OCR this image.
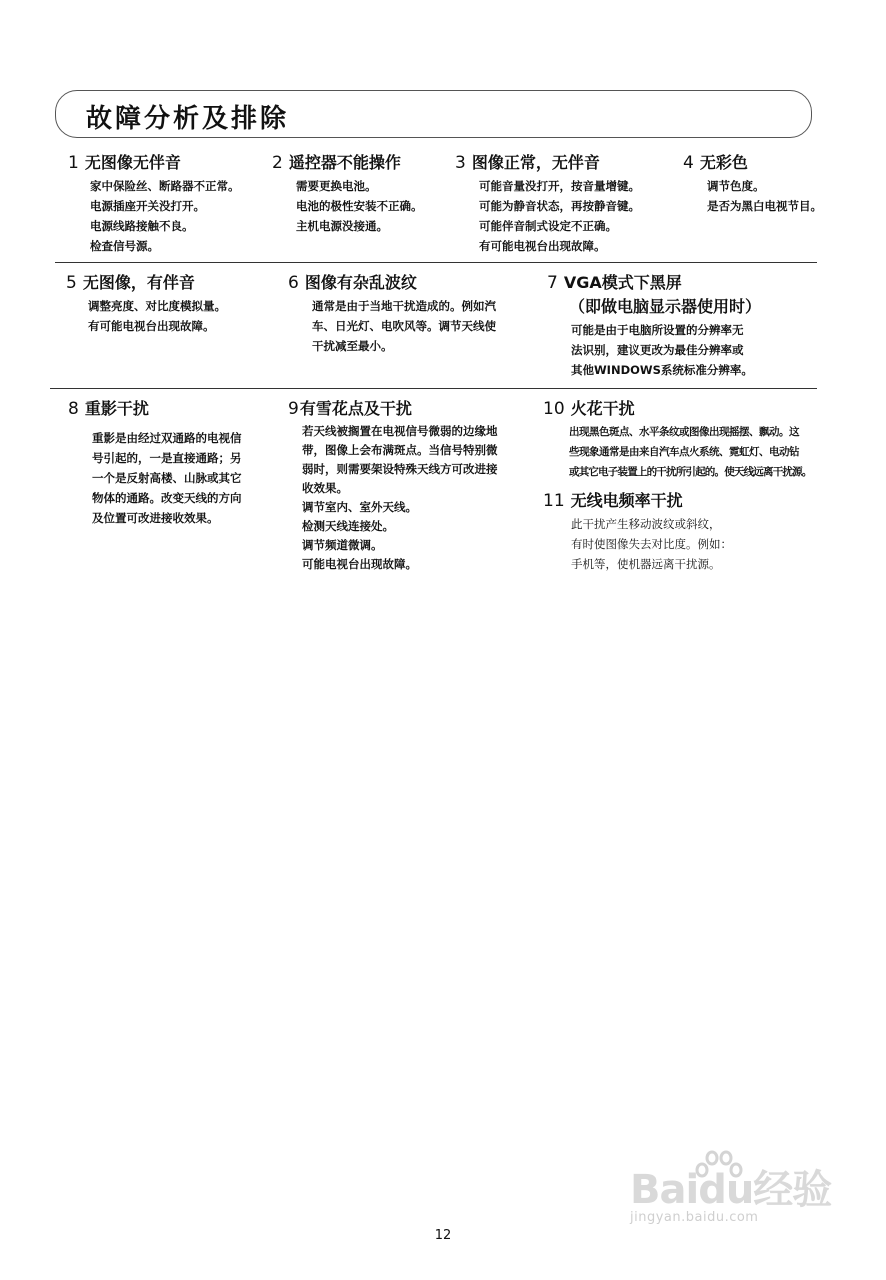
故障分析及排除
1 无图像无伴音
家中保险丝、断路器不正常。
电源插座开关没打开。
电源线路接触不良。
检查信号源。
2 遥控器不能操作
需要更换电池。
电池的极性安装不正确。
主机电源没接通。
3 图像正常，无伴音
可能音量没打开，按音量增键。
可能为静音状态，再按静音键。
可能伴音制式设定不正确。
有可能电视台出现故障。
4 无彩色
调节色度。
是否为黑白电视节目。
5 无图像，有伴音
调整亮度、对比度模拟量。
有可能电视台出现故障。
6 图像有杂乱波纹
通常是由于当地干扰造成的。例如汽
车、日光灯、电吹风等。调节天线使
干扰减至最小。
7 VGA模式下黑屏
（即做电脑显示器使用时）
可能是由于电脑所设置的分辨率无
法识别，建议更改为最佳分辨率或
其他WINDOWS系统标准分辨率。
8 重影干扰
重影是由经过双通路的电视信
号引起的，一是直接通路；另
一个是反射高楼、山脉或其它
物体的通路。改变天线的方向
及位置可改进接收效果。
9有雪花点及干扰
若天线被搁置在电视信号微弱的边缘地
带，图像上会布满斑点。当信号特别微
弱时，则需要架设特殊天线方可改进接
收效果。
调节室内、室外天线。
检测天线连接处。
调节频道微调。
可能电视台出现故障。
10 火花干扰
出现黑色斑点、水平条纹或图像出现摇摆、飘动。这
些现象通常是由来自汽车点火系统、霓虹灯、电动钻
或其它电子装置上的干扰所引起的。使天线远离干扰源。
11 无线电频率干扰
此干扰产生移动波纹或斜纹，
有时使图像失去对比度。例如：
手机等，使机器远离干扰源。
Baidu经验
jingyan.baidu.com
12
